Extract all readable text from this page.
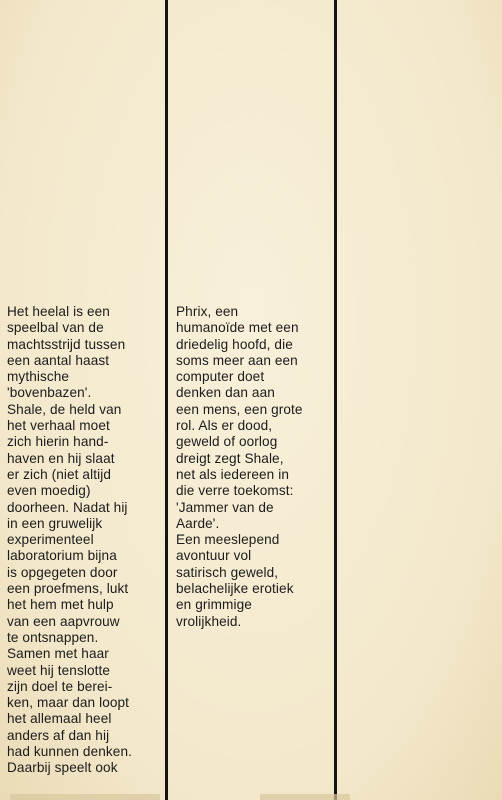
Het heelal is een
speelbal van de
machtsstrijd tussen
een aantal haast
mythische
'bovenbazen'.
Shale, de held van
het verhaal moet
zich hierin hand-
haven en hij slaat
er zich (niet altijd
even moedig)
doorheen. Nadat hij
in een gruwelijk
experimenteel
laboratorium bijna
is opgegeten door
een proefmens, lukt
het hem met hulp
van een aapvrouw
te ontsnappen.
Samen met haar
weet hij tenslotte
zijn doel te berei-
ken, maar dan loopt
het allemaal heel
anders af dan hij
had kunnen denken.
Daarbij speelt ook
Phrix, een
humanoïde met een
driedelig hoofd, die
soms meer aan een
computer doet
denken dan aan
een mens, een grote
rol. Als er dood,
geweld of oorlog
dreigt zegt Shale,
net als iedereen in
die verre toekomst:
'Jammer van de
Aarde'.
Een meeslepend
avontuur vol
satirisch geweld,
belachelijke erotiek
en grimmige
vrolijkheid.
